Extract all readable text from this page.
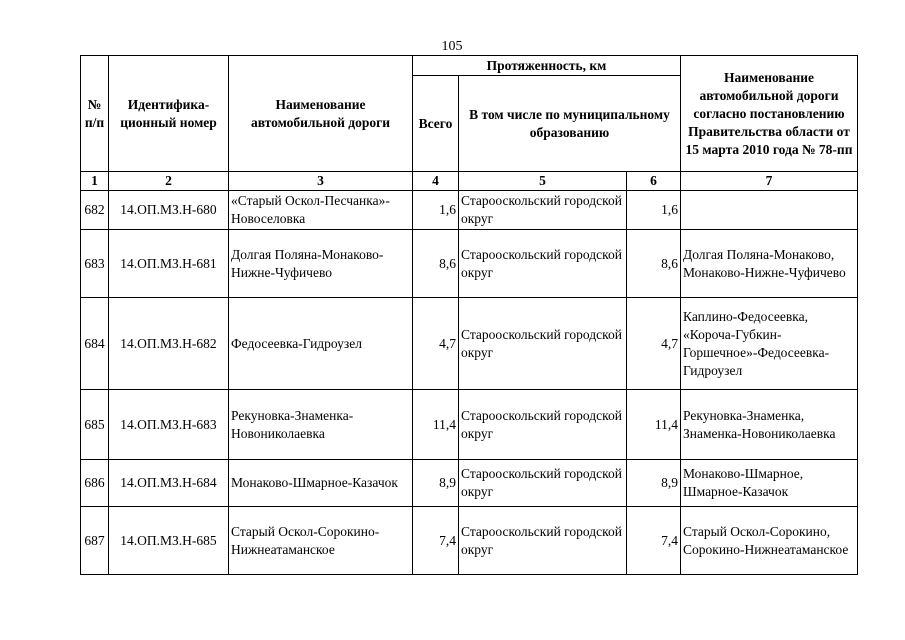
105
№ п/п	Идентифика-ционный номер	Наименование автомобильной дороги	Протяженность, км			Наименование автомобильной дороги согласно постановлению Правительства области от 15 марта 2010 года № 78-пп
			Всего	В том числе по муниципальному образованию		
1	2	3	4	5	6	7
682	14.ОП.МЗ.Н-680	«Старый Оскол-Песчанка»-Новоселовка	1,6	Старооскольский городской округ	1,6	
683	14.ОП.МЗ.Н-681	Долгая Поляна-Монаково-Нижне-Чуфичево	8,6	Старооскольский городской округ	8,6	Долгая Поляна-Монаково, Монаково-Нижне-Чуфичево
684	14.ОП.МЗ.Н-682	Федосеевка-Гидроузел	4,7	Старооскольский городской округ	4,7	Каплино-Федосеевка, «Короча-Губкин-Горшечное»-Федосеевка-Гидроузел
685	14.ОП.МЗ.Н-683	Рекуновка-Знаменка-Новониколаевка	11,4	Старооскольский городской округ	11,4	Рекуновка-Знаменка, Знаменка-Новониколаевка
686	14.ОП.МЗ.Н-684	Монаково-Шмарное-Казачок	8,9	Старооскольский городской округ	8,9	Монаково-Шмарное, Шмарное-Казачок
687	14.ОП.МЗ.Н-685	Старый Оскол-Сорокино-Нижнеатаманское	7,4	Старооскольский городской округ	7,4	Старый Оскол-Сорокино, Сорокино-Нижнеатаманское
